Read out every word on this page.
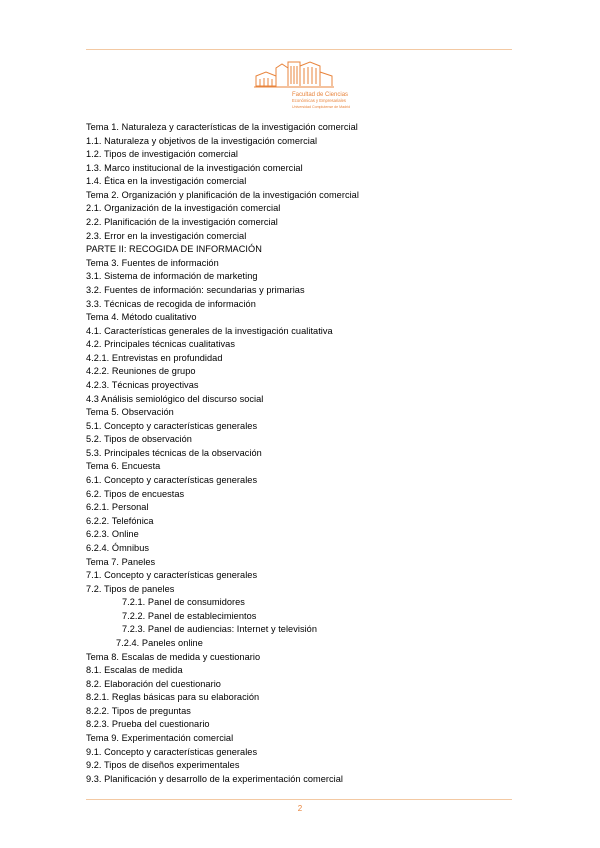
Facultad de Ciencias
Económicas y Empresariales
Universidad Complutense de Madrid
Tema 1. Naturaleza y características de la investigación comercial
1.1. Naturaleza y objetivos de la investigación comercial
1.2. Tipos de investigación comercial
1.3. Marco institucional de la investigación comercial
1.4. Ética en la investigación comercial
Tema 2. Organización y planificación de la investigación comercial
2.1. Organización de la investigación comercial
2.2. Planificación de la investigación comercial
2.3. Error en la investigación comercial
PARTE II: RECOGIDA DE INFORMACIÓN
Tema 3. Fuentes de información
3.1. Sistema de información de marketing
3.2. Fuentes de información: secundarias y primarias
3.3. Técnicas de recogida de información
Tema 4. Método cualitativo
4.1. Características generales de la investigación cualitativa
4.2. Principales técnicas cualitativas
4.2.1. Entrevistas en profundidad
4.2.2. Reuniones de grupo
4.2.3. Técnicas proyectivas
4.3 Análisis semiológico del discurso social
Tema 5. Observación
5.1. Concepto y características generales
5.2. Tipos de observación
5.3. Principales técnicas de la observación
Tema 6. Encuesta
6.1. Concepto y características generales
6.2. Tipos de encuestas
6.2.1. Personal
6.2.2. Telefónica
6.2.3. Online
6.2.4. Ómnibus
Tema 7. Paneles
7.1. Concepto y características generales
7.2. Tipos de paneles
7.2.1. Panel de consumidores
7.2.2. Panel de establecimientos
7.2.3. Panel de audiencias: Internet y televisión
7.2.4. Paneles online
Tema 8. Escalas de medida y cuestionario
8.1. Escalas de medida
8.2. Elaboración del cuestionario
8.2.1. Reglas básicas para su elaboración
8.2.2. Tipos de preguntas
8.2.3. Prueba del cuestionario
Tema 9. Experimentación comercial
9.1. Concepto y características generales
9.2. Tipos de diseños experimentales
9.3. Planificación y desarrollo de la experimentación comercial
2
